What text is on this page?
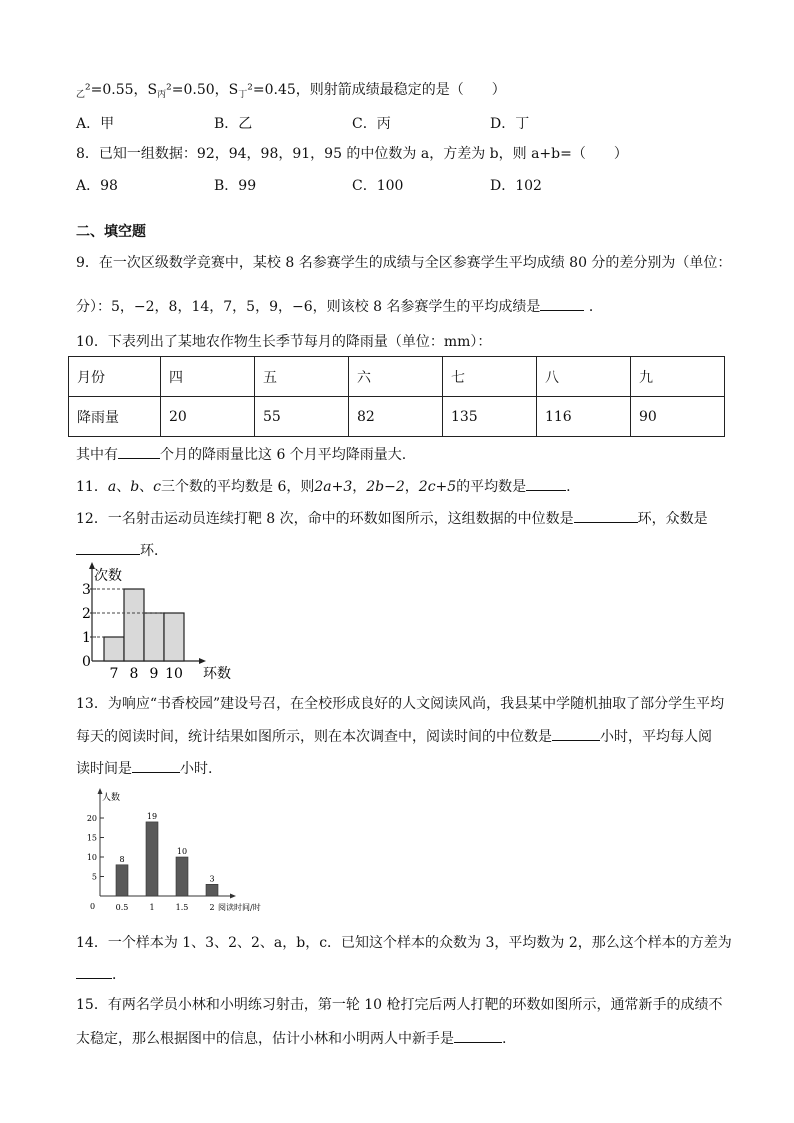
$_乙$²=0.55，$S_丙^2=0.50$，$S_丁^2=0.45$，则射箭成绩最稳定的是（　　）
A．甲	B．乙	C．丙	D．丁
8．已知一组数据：92，94，98，91，95 的中位数为 a，方差为 b，则 a+b=（　　）
A．98	B．99	C．100	D．102
二、填空题
9．在一次区级数学竞赛中，某校 8 名参赛学生的成绩与全区参赛学生平均成绩 80 分的差分别为（单位：
分）：5，−2，8，14，7，5，9，−6，则该校 8 名参赛学生的平均成绩是	．
10．下表列出了某地农作物生长季节每月的降雨量（单位：mm）：
月份	四	五	六	七	八	九
降雨量	20	55	82	135	116	90
其中有	个月的降雨量比这 6 个月平均降雨量大.
11．a、b、c三个数的平均数是 6，则2a+3，2b−2，2c+5的平均数是	.
12．一名射击运动员连续打靶 8 次，命中的环数如图所示，这组数据的中位数是	环，众数是
环．
次数
环数
0
1
2
3
7 8 9 10
13．为响应“书香校园”建设号召，在全校形成良好的人文阅读风尚，我县某中学随机抽取了部分学生平均
每天的阅读时间，统计结果如图所示，则在本次调查中，阅读时间的中位数是	小时，平均每人阅
读时间是	小时.
人数
阅读时间/时
0
5
10
15
20
0.5	1	1.5	2
8
19
10
3
14．一个样本为 1、3、2、2、a，b，c．已知这个样本的众数为 3，平均数为 2，那么这个样本的方差为
．
15．有两名学员小林和小明练习射击，第一轮 10 枪打完后两人打靶的环数如图所示，通常新手的成绩不
太稳定，那么根据图中的信息，估计小林和小明两人中新手是	.
